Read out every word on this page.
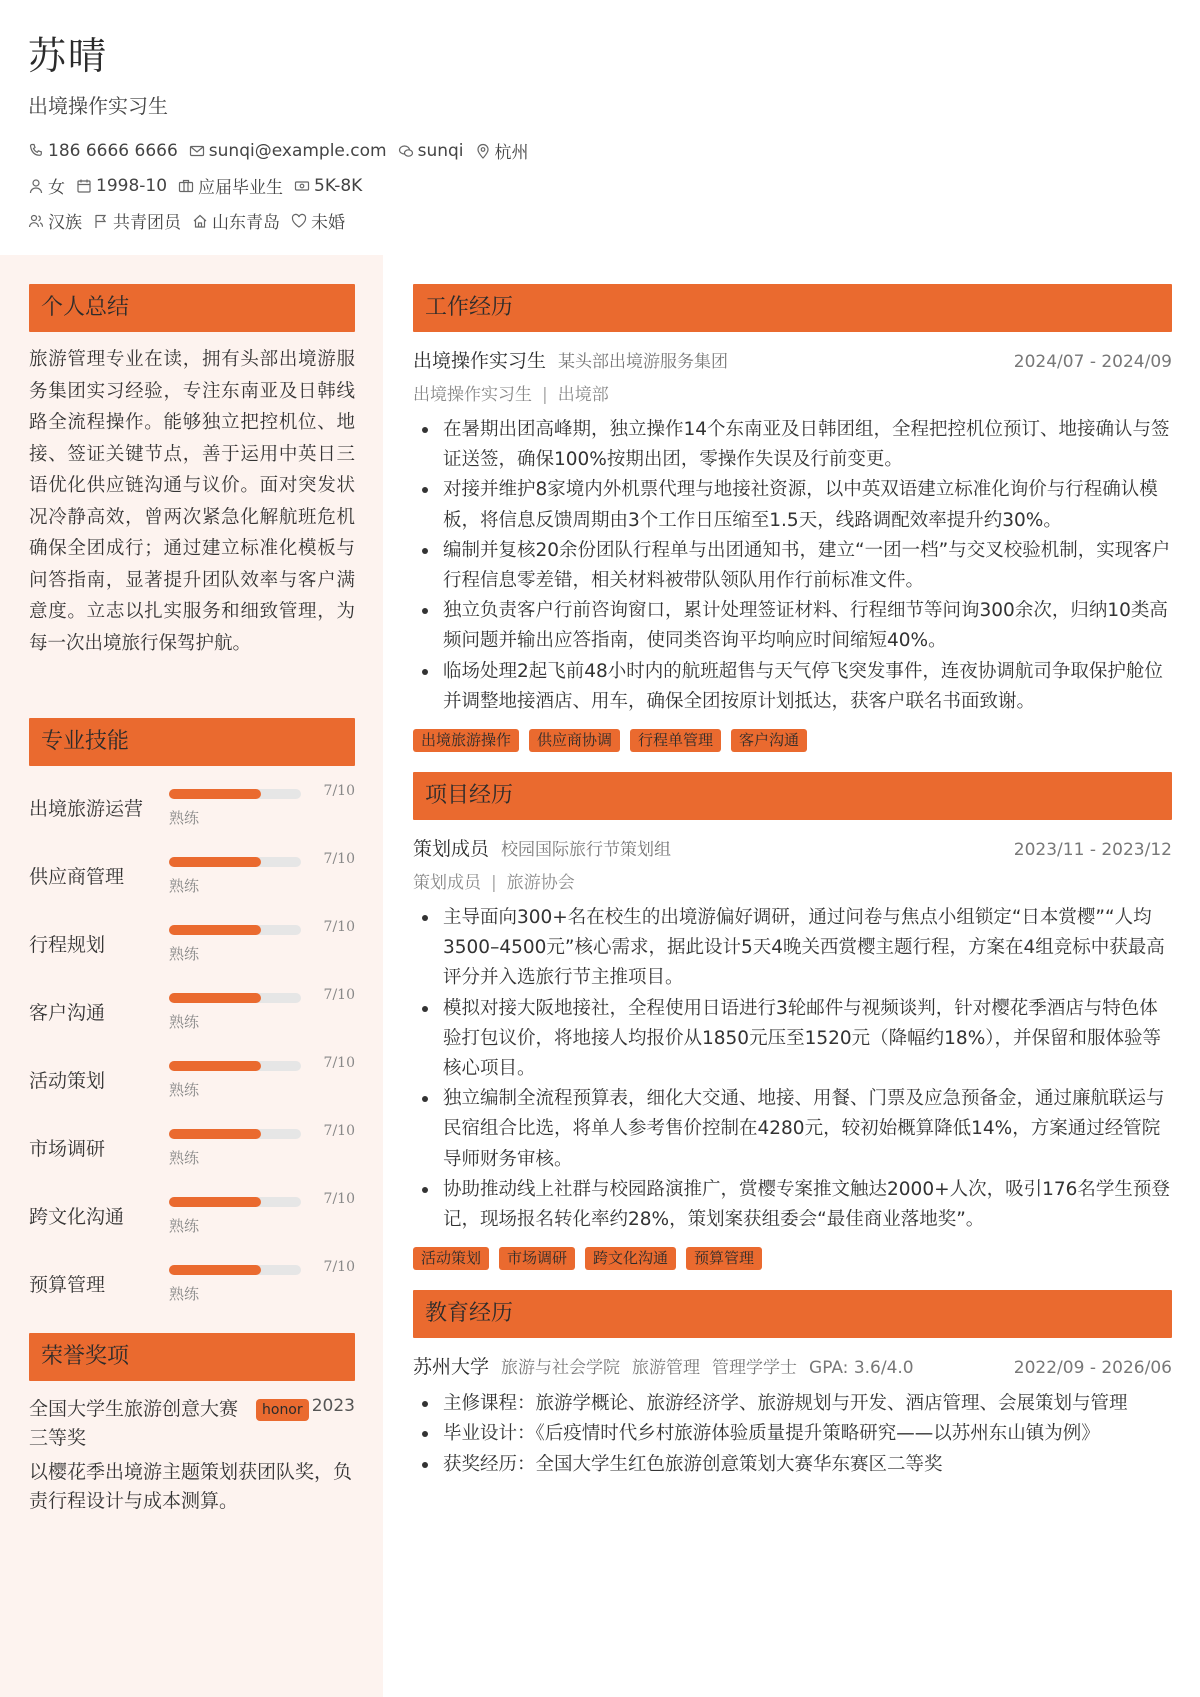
苏晴
出境操作实习生
186 6666 6666 sunqi@example.com sunqi 杭州
女 1998-10 应届毕业生 5K-8K
汉族 共青团员 山东青岛 未婚
个人总结
旅游管理专业在读，拥有头部出境游服务集团实习经验，专注东南亚及日韩线路全流程操作。能够独立把控机位、地接、签证关键节点，善于运用中英日三语优化供应链沟通与议价。面对突发状况冷静高效，曾两次紧急化解航班危机确保全团成行；通过建立标准化模板与问答指南，显著提升团队效率与客户满意度。立志以扎实服务和细致管理，为每一次出境旅行保驾护航。
专业技能
出境旅游运营
7/10
熟练
供应商管理
7/10
熟练
行程规划
7/10
熟练
客户沟通
7/10
熟练
活动策划
7/10
熟练
市场调研
7/10
熟练
跨文化沟通
7/10
熟练
预算管理
7/10
熟练
荣誉奖项
全国大学生旅游创意大赛三等奖
honor 2023
以樱花季出境游主题策划获团队奖，负责行程设计与成本测算。
工作经历
出境操作实习生 某头部出境游服务集团	2024/07 - 2024/09
出境操作实习生 | 出境部
在暑期出团高峰期，独立操作14个东南亚及日韩团组，全程把控机位预订、地接确认与签证送签，确保100%按期出团，零操作失误及行前变更。
对接并维护8家境内外机票代理与地接社资源，以中英双语建立标准化询价与行程确认模板，将信息反馈周期由3个工作日压缩至1.5天，线路调配效率提升约30%。
编制并复核20余份团队行程单与出团通知书，建立“一团一档”与交叉校验机制，实现客户行程信息零差错，相关材料被带队领队用作行前标准文件。
独立负责客户行前咨询窗口，累计处理签证材料、行程细节等问询300余次，归纳10类高频问题并输出应答指南，使同类咨询平均响应时间缩短40%。
临场处理2起飞前48小时内的航班超售与天气停飞突发事件，连夜协调航司争取保护舱位并调整地接酒店、用车，确保全团按原计划抵达，获客户联名书面致谢。
出境旅游操作	供应商协调	行程单管理	客户沟通
项目经历
策划成员 校园国际旅行节策划组	2023/11 - 2023/12
策划成员 | 旅游协会
主导面向300+名在校生的出境游偏好调研，通过问卷与焦点小组锁定“日本赏樱”“人均3500–4500元”核心需求，据此设计5天4晚关西赏樱主题行程，方案在4组竞标中获最高评分并入选旅行节主推项目。
模拟对接大阪地接社，全程使用日语进行3轮邮件与视频谈判，针对樱花季酒店与特色体验打包议价，将地接人均报价从1850元压至1520元（降幅约18%），并保留和服体验等核心项目。
独立编制全流程预算表，细化大交通、地接、用餐、门票及应急预备金，通过廉航联运与民宿组合比选，将单人参考售价控制在4280元，较初始概算降低14%，方案通过经管院导师财务审核。
协助推动线上社群与校园路演推广，赏樱专案推文触达2000+人次，吸引176名学生预登记，现场报名转化率约28%，策划案获组委会“最佳商业落地奖”。
活动策划	市场调研	跨文化沟通	预算管理
教育经历
苏州大学 旅游与社会学院 旅游管理 管理学学士 GPA: 3.6/4.0	2022/09 - 2026/06
主修课程：旅游学概论、旅游经济学、旅游规划与开发、酒店管理、会展策划与管理
毕业设计：《后疫情时代乡村旅游体验质量提升策略研究——以苏州东山镇为例》
获奖经历：全国大学生红色旅游创意策划大赛华东赛区二等奖
